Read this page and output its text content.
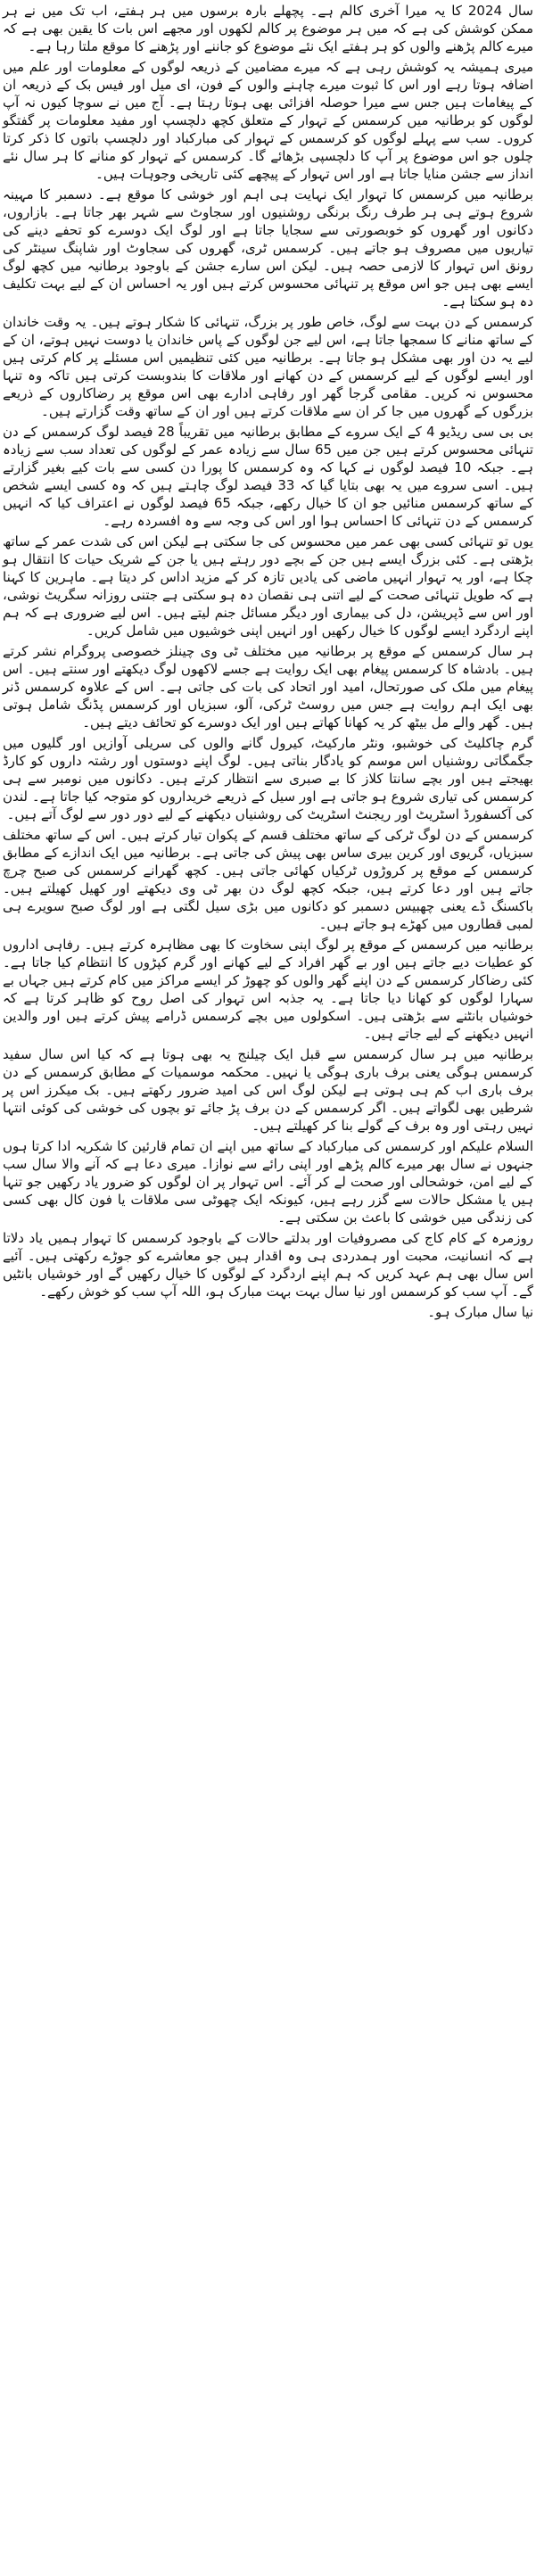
سال 2024 کا یہ میرا آخری کالم ہے۔ پچھلے بارہ برسوں میں ہر ہفتے، اب تک میں نے ہر ممکن کوشش کی ہے کہ میں ہر موضوع پر کالم لکھوں اور مجھے اس بات کا یقین بھی ہے کہ میرے کالم پڑھنے والوں کو ہر ہفتے ایک نئے موضوع کو جاننے اور پڑھنے کا موقع ملتا رہا ہے۔

میری ہمیشہ یہ کوشش رہی ہے کہ میرے مضامین کے ذریعہ لوگوں کے معلومات اور علم میں اضافہ ہوتا رہے اور اس کا ثبوت میرے چاہنے والوں کے فون، ای میل اور فیس بک کے ذریعہ ان کے پیغامات ہیں جس سے میرا حوصلہ افزائی بھی ہوتا رہتا ہے۔ آج میں نے سوچا کیوں نہ آپ لوگوں کو برطانیہ میں کرسمس کے تہوار کے متعلق کچھ دلچسپ اور مفید معلومات پر گفتگو کروں۔ سب سے پہلے لوگوں کو کرسمس کے تہوار کی مبارکباد اور دلچسپ باتوں کا ذکر کرتا چلوں جو اس موضوع پر آپ کا دلچسپی بڑھائے گا۔ کرسمس کے تہوار کو منانے کا ہر سال نئے انداز سے جشن منایا جاتا ہے اور اس تہوار کے پیچھے کئی تاریخی وجوہات ہیں۔

برطانیہ میں کرسمس کا تہوار ایک نہایت ہی اہم اور خوشی کا موقع ہے۔ دسمبر کا مہینہ شروع ہوتے ہی ہر طرف رنگ برنگی روشنیوں اور سجاوٹ سے شہر بھر جاتا ہے۔ بازاروں، دکانوں اور گھروں کو خوبصورتی سے سجایا جاتا ہے اور لوگ ایک دوسرے کو تحفے دینے کی تیاریوں میں مصروف ہو جاتے ہیں۔ کرسمس ٹری، گھروں کی سجاوٹ اور شاپنگ سینٹر کی رونق اس تہوار کا لازمی حصہ ہیں۔ لیکن اس سارے جشن کے باوجود برطانیہ میں کچھ لوگ ایسے بھی ہیں جو اس موقع پر تنہائی محسوس کرتے ہیں اور یہ احساس ان کے لیے بہت تکلیف دہ ہو سکتا ہے۔

کرسمس کے دن بہت سے لوگ، خاص طور پر بزرگ، تنہائی کا شکار ہوتے ہیں۔ یہ وقت خاندان کے ساتھ منانے کا سمجھا جاتا ہے، اس لیے جن لوگوں کے پاس خاندان یا دوست نہیں ہوتے، ان کے لیے یہ دن اور بھی مشکل ہو جاتا ہے۔ برطانیہ میں کئی تنظیمیں اس مسئلے پر کام کرتی ہیں اور ایسے لوگوں کے لیے کرسمس کے دن کھانے اور ملاقات کا بندوبست کرتی ہیں تاکہ وہ تنہا محسوس نہ کریں۔ مقامی گرجا گھر اور رفاہی ادارے بھی اس موقع پر رضاکاروں کے ذریعے بزرگوں کے گھروں میں جا کر ان سے ملاقات کرتے ہیں اور ان کے ساتھ وقت گزارتے ہیں۔

بی بی سی ریڈیو 4 کے ایک سروے کے مطابق برطانیہ میں تقریباً 28 فیصد لوگ کرسمس کے دن تنہائی محسوس کرتے ہیں جن میں 65 سال سے زیادہ عمر کے لوگوں کی تعداد سب سے زیادہ ہے۔ جبکہ 10 فیصد لوگوں نے کہا کہ وہ کرسمس کا پورا دن کسی سے بات کیے بغیر گزارتے ہیں۔ اسی سروے میں یہ بھی بتایا گیا کہ 33 فیصد لوگ چاہتے ہیں کہ وہ کسی ایسے شخص کے ساتھ کرسمس منائیں جو ان کا خیال رکھے، جبکہ 65 فیصد لوگوں نے اعتراف کیا کہ انہیں کرسمس کے دن تنہائی کا احساس ہوا اور اس کی وجہ سے وہ افسردہ رہے۔

یوں تو تنہائی کسی بھی عمر میں محسوس کی جا سکتی ہے لیکن اس کی شدت عمر کے ساتھ بڑھتی ہے۔ کئی بزرگ ایسے ہیں جن کے بچے دور رہتے ہیں یا جن کے شریک حیات کا انتقال ہو چکا ہے، اور یہ تہوار انہیں ماضی کی یادیں تازہ کر کے مزید اداس کر دیتا ہے۔ ماہرین کا کہنا ہے کہ طویل تنہائی صحت کے لیے اتنی ہی نقصان دہ ہو سکتی ہے جتنی روزانہ سگریٹ نوشی، اور اس سے ڈپریشن، دل کی بیماری اور دیگر مسائل جنم لیتے ہیں۔ اس لیے ضروری ہے کہ ہم اپنے اردگرد ایسے لوگوں کا خیال رکھیں اور انہیں اپنی خوشیوں میں شامل کریں۔

ہر سال کرسمس کے موقع پر برطانیہ میں مختلف ٹی وی چینلز خصوصی پروگرام نشر کرتے ہیں۔ بادشاہ کا کرسمس پیغام بھی ایک روایت ہے جسے لاکھوں لوگ دیکھتے اور سنتے ہیں۔ اس پیغام میں ملک کی صورتحال، امید اور اتحاد کی بات کی جاتی ہے۔ اس کے علاوہ کرسمس ڈنر بھی ایک اہم روایت ہے جس میں روسٹ ٹرکی، آلو، سبزیاں اور کرسمس پڈنگ شامل ہوتی ہیں۔ گھر والے مل بیٹھ کر یہ کھانا کھاتے ہیں اور ایک دوسرے کو تحائف دیتے ہیں۔

گرم چاکلیٹ کی خوشبو، ونٹر مارکیٹ، کیرول گانے والوں کی سریلی آوازیں اور گلیوں میں جگمگاتی روشنیاں اس موسم کو یادگار بناتی ہیں۔ لوگ اپنے دوستوں اور رشتہ داروں کو کارڈ بھیجتے ہیں اور بچے سانتا کلاز کا بے صبری سے انتظار کرتے ہیں۔ دکانوں میں نومبر سے ہی کرسمس کی تیاری شروع ہو جاتی ہے اور سیل کے ذریعے خریداروں کو متوجہ کیا جاتا ہے۔ لندن کی آکسفورڈ اسٹریٹ اور ریجنٹ اسٹریٹ کی روشنیاں دیکھنے کے لیے دور دور سے لوگ آتے ہیں۔

کرسمس کے دن لوگ ٹرکی کے ساتھ مختلف قسم کے پکوان تیار کرتے ہیں۔ اس کے ساتھ مختلف سبزیاں، گریوی اور کرین بیری ساس بھی پیش کی جاتی ہے۔ برطانیہ میں ایک اندازے کے مطابق کرسمس کے موقع پر کروڑوں ٹرکیاں کھائی جاتی ہیں۔ کچھ گھرانے کرسمس کی صبح چرچ جاتے ہیں اور دعا کرتے ہیں، جبکہ کچھ لوگ دن بھر ٹی وی دیکھتے اور کھیل کھیلتے ہیں۔ باکسنگ ڈے یعنی چھبیس دسمبر کو دکانوں میں بڑی سیل لگتی ہے اور لوگ صبح سویرے ہی لمبی قطاروں میں کھڑے ہو جاتے ہیں۔

برطانیہ میں کرسمس کے موقع پر لوگ اپنی سخاوت کا بھی مظاہرہ کرتے ہیں۔ رفاہی اداروں کو عطیات دیے جاتے ہیں اور بے گھر افراد کے لیے کھانے اور گرم کپڑوں کا انتظام کیا جاتا ہے۔ کئی رضاکار کرسمس کے دن اپنے گھر والوں کو چھوڑ کر ایسے مراکز میں کام کرتے ہیں جہاں بے سہارا لوگوں کو کھانا دیا جاتا ہے۔ یہ جذبہ اس تہوار کی اصل روح کو ظاہر کرتا ہے کہ خوشیاں بانٹنے سے بڑھتی ہیں۔ اسکولوں میں بچے کرسمس ڈرامے پیش کرتے ہیں اور والدین انہیں دیکھنے کے لیے جاتے ہیں۔

برطانیہ میں ہر سال کرسمس سے قبل ایک چیلنج یہ بھی ہوتا ہے کہ کیا اس سال سفید کرسمس ہوگی یعنی برف باری ہوگی یا نہیں۔ محکمہ موسمیات کے مطابق کرسمس کے دن برف باری اب کم ہی ہوتی ہے لیکن لوگ اس کی امید ضرور رکھتے ہیں۔ بک میکرز اس پر شرطیں بھی لگواتے ہیں۔ اگر کرسمس کے دن برف پڑ جائے تو بچوں کی خوشی کی کوئی انتہا نہیں رہتی اور وہ برف کے گولے بنا کر کھیلتے ہیں۔

السلام علیکم اور کرسمس کی مبارکباد کے ساتھ میں اپنے ان تمام قارئین کا شکریہ ادا کرتا ہوں جنہوں نے سال بھر میرے کالم پڑھے اور اپنی رائے سے نوازا۔ میری دعا ہے کہ آنے والا سال سب کے لیے امن، خوشحالی اور صحت لے کر آئے۔ اس تہوار پر ان لوگوں کو ضرور یاد رکھیں جو تنہا ہیں یا مشکل حالات سے گزر رہے ہیں، کیونکہ ایک چھوٹی سی ملاقات یا فون کال بھی کسی کی زندگی میں خوشی کا باعث بن سکتی ہے۔

روزمرہ کے کام کاج کی مصروفیات اور بدلتے حالات کے باوجود کرسمس کا تہوار ہمیں یاد دلاتا ہے کہ انسانیت، محبت اور ہمدردی ہی وہ اقدار ہیں جو معاشرے کو جوڑے رکھتی ہیں۔ آئیے اس سال بھی ہم عہد کریں کہ ہم اپنے اردگرد کے لوگوں کا خیال رکھیں گے اور خوشیاں بانٹیں گے۔ آپ سب کو کرسمس اور نیا سال بہت بہت مبارک ہو، اللہ آپ سب کو خوش رکھے۔

نیا سال مبارک ہو۔
